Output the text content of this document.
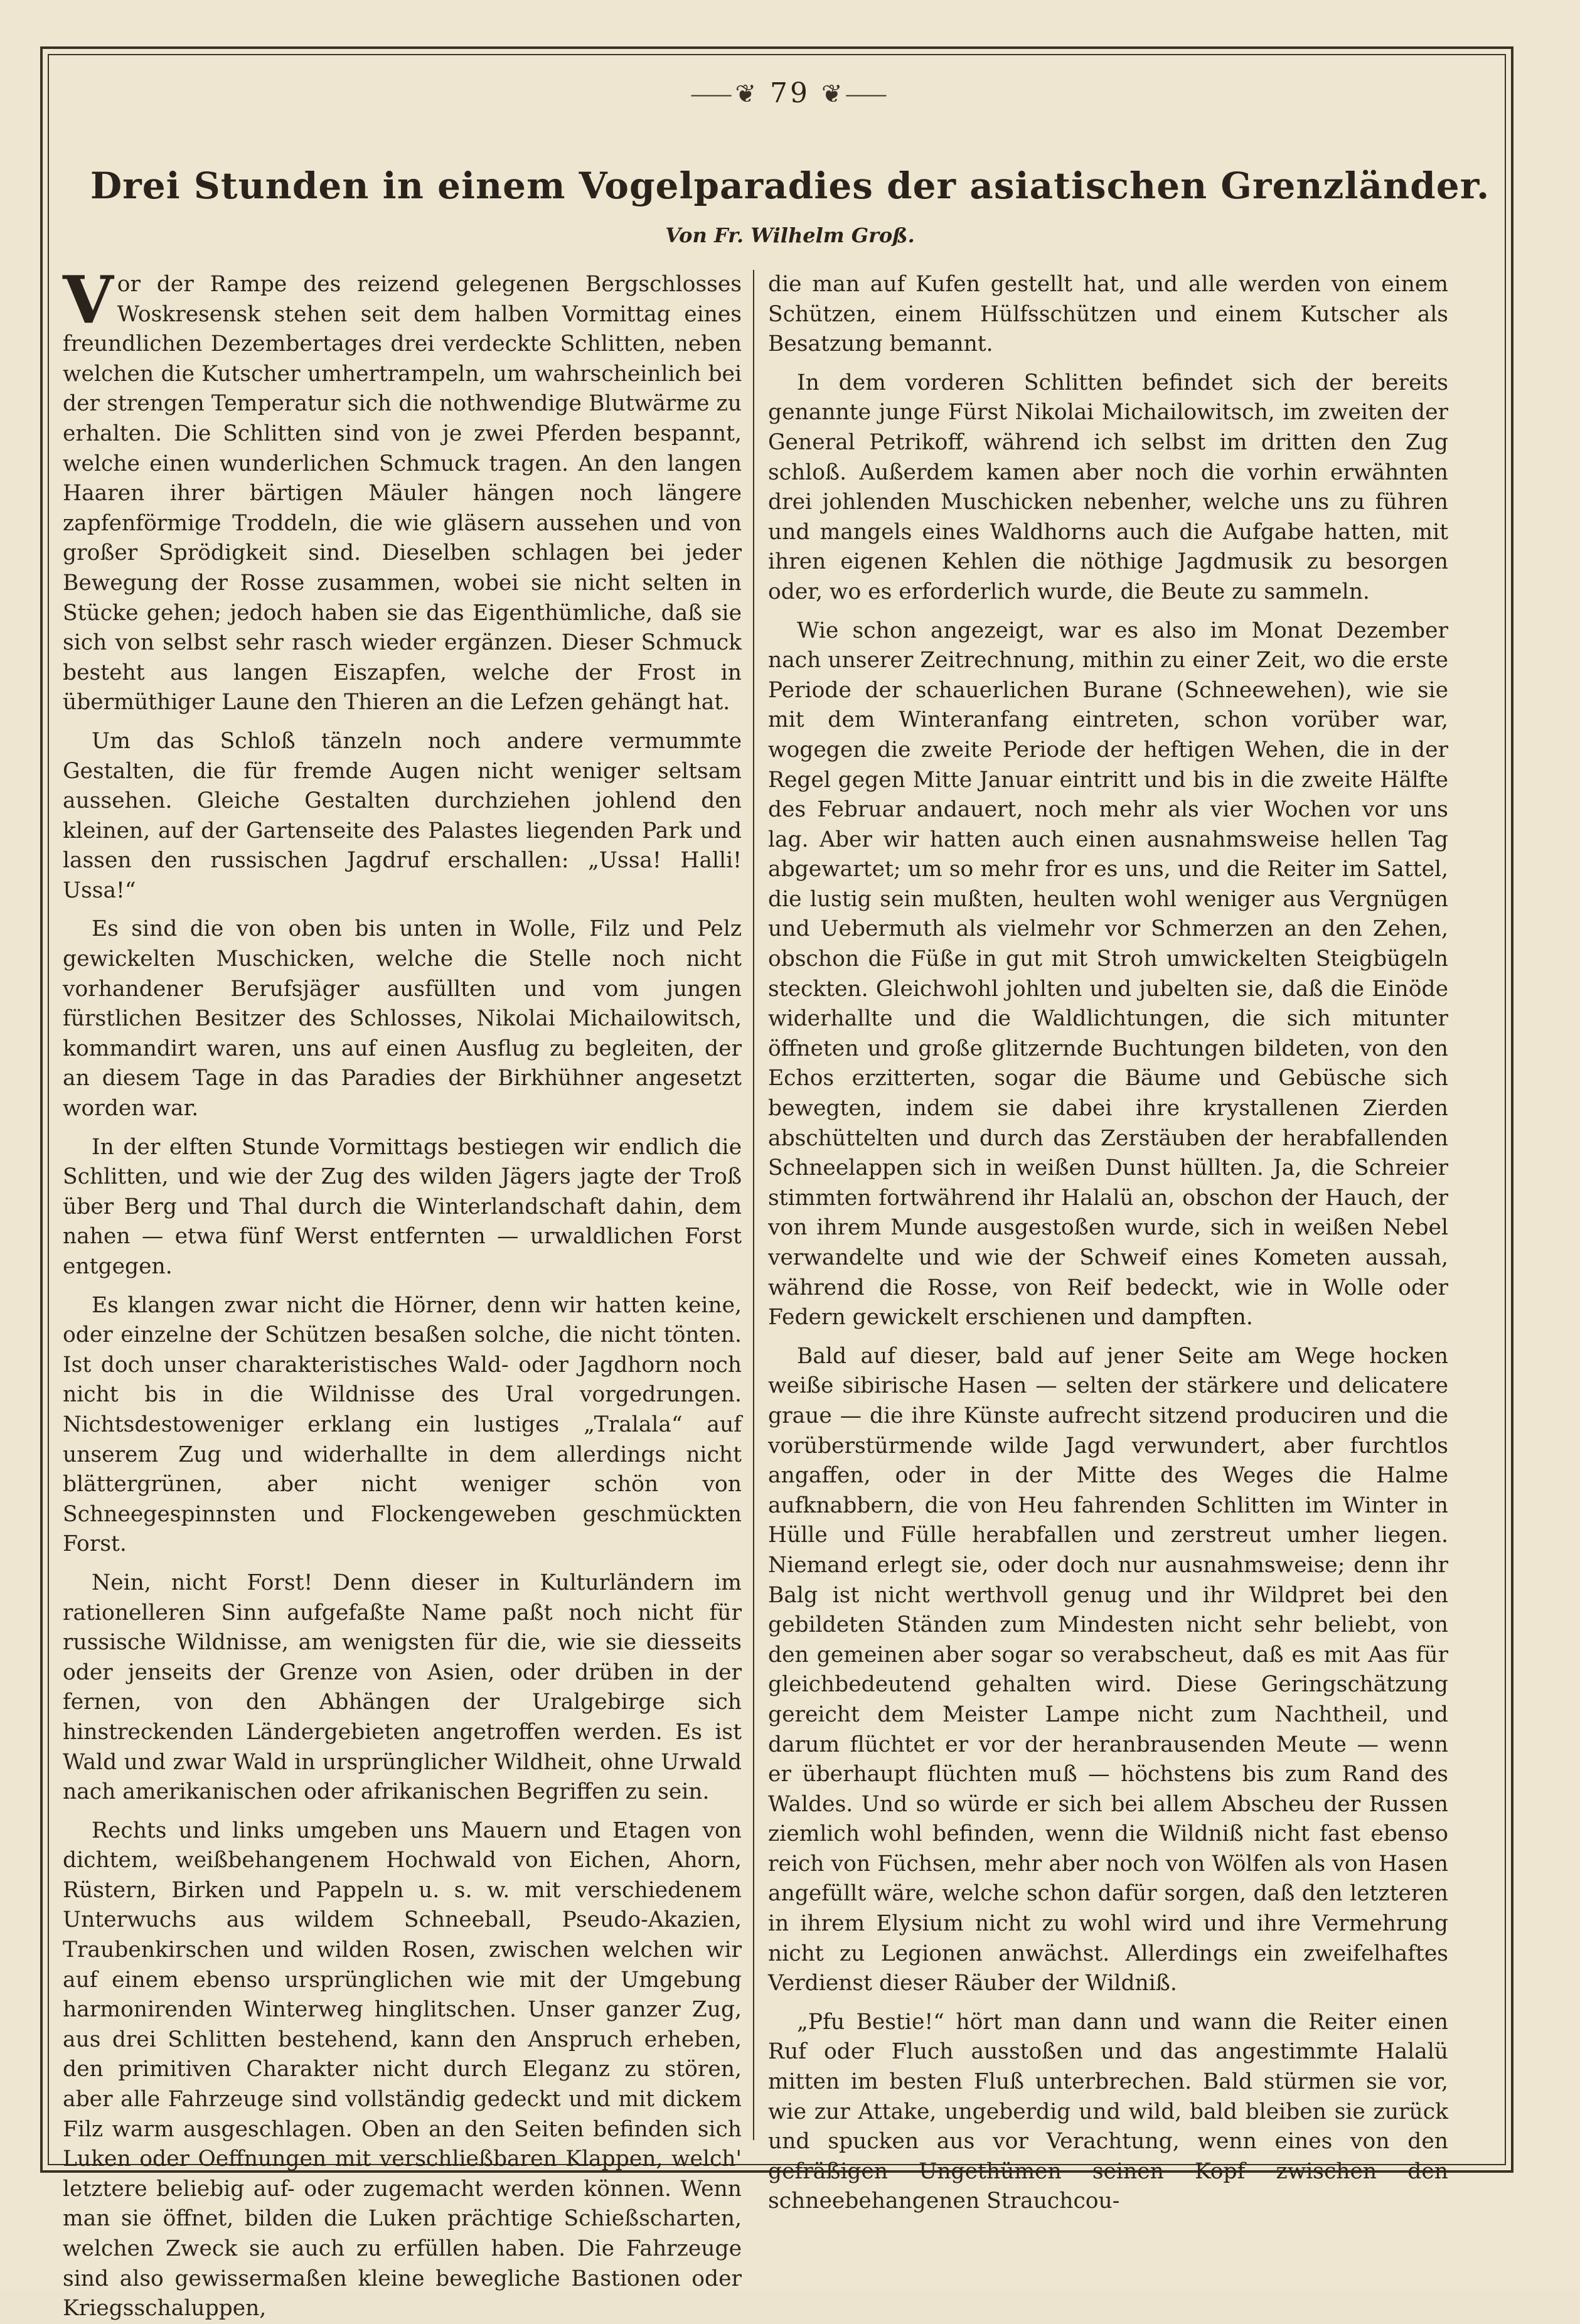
⸺❦ 79 ❦⸺
Drei Stunden in einem Vogelparadies der asiatischen Grenzländer.
Von Fr. Wilhelm Groß.

Vor der Rampe des reizend gelegenen Bergschlosses Woskresensk stehen seit dem halben Vormittag eines freundlichen Dezembertages drei verdeckte Schlitten, neben welchen die Kutscher umhertrampeln, um wahrscheinlich bei der strengen Temperatur sich die nothwendige Blutwärme zu erhalten. Die Schlitten sind von je zwei Pferden bespannt, welche einen wunderlichen Schmuck tragen. An den langen Haaren ihrer bärtigen Mäuler hängen noch längere zapfenförmige Troddeln, die wie gläsern aussehen und von großer Sprödigkeit sind. Dieselben schlagen bei jeder Bewegung der Rosse zusammen, wobei sie nicht selten in Stücke gehen; jedoch haben sie das Eigenthümliche, daß sie sich von selbst sehr rasch wieder ergänzen. Dieser Schmuck besteht aus langen Eiszapfen, welche der Frost in übermüthiger Laune den Thieren an die Lefzen gehängt hat.

Um das Schloß tänzeln noch andere vermummte Gestalten, die für fremde Augen nicht weniger seltsam aussehen. Gleiche Gestalten durchziehen johlend den kleinen, auf der Gartenseite des Palastes liegenden Park und lassen den russischen Jagdruf erschallen: „Ussa! Halli! Ussa!“

Es sind die von oben bis unten in Wolle, Filz und Pelz gewickelten Muschicken, welche die Stelle noch nicht vorhandener Berufsjäger ausfüllten und vom jungen fürstlichen Besitzer des Schlosses, Nikolai Michailowitsch, kommandirt waren, uns auf einen Ausflug zu begleiten, der an diesem Tage in das Paradies der Birkhühner angesetzt worden war.

In der elften Stunde Vormittags bestiegen wir endlich die Schlitten, und wie der Zug des wilden Jägers jagte der Troß über Berg und Thal durch die Winterlandschaft dahin, dem nahen — etwa fünf Werst entfernten — urwaldlichen Forst entgegen.

Es klangen zwar nicht die Hörner, denn wir hatten keine, oder einzelne der Schützen besaßen solche, die nicht tönten. Ist doch unser charakteristisches Wald- oder Jagdhorn noch nicht bis in die Wildnisse des Ural vorgedrungen. Nichtsdestoweniger erklang ein lustiges „Tralala“ auf unserem Zug und widerhallte in dem allerdings nicht blättergrünen, aber nicht weniger schön von Schneegespinnsten und Flockengeweben geschmückten Forst.

Nein, nicht Forst! Denn dieser in Kulturländern im rationelleren Sinn aufgefaßte Name paßt noch nicht für russische Wildnisse, am wenigsten für die, wie sie diesseits oder jenseits der Grenze von Asien, oder drüben in der fernen, von den Abhängen der Uralgebirge sich hinstreckenden Ländergebieten angetroffen werden. Es ist Wald und zwar Wald in ursprünglicher Wildheit, ohne Urwald nach amerikanischen oder afrikanischen Begriffen zu sein.

Rechts und links umgeben uns Mauern und Etagen von dichtem, weißbehangenem Hochwald von Eichen, Ahorn, Rüstern, Birken und Pappeln u. s. w. mit verschiedenem Unterwuchs aus wildem Schneeball, Pseudo-Akazien, Traubenkirschen und wilden Rosen, zwischen welchen wir auf einem ebenso ursprünglichen wie mit der Umgebung harmonirenden Winterweg hinglitschen. Unser ganzer Zug, aus drei Schlitten bestehend, kann den Anspruch erheben, den primitiven Charakter nicht durch Eleganz zu stören, aber alle Fahrzeuge sind vollständig gedeckt und mit dickem Filz warm ausgeschlagen. Oben an den Seiten befinden sich Luken oder Oeffnungen mit verschließbaren Klappen, welch' letztere beliebig auf- oder zugemacht werden können. Wenn man sie öffnet, bilden die Luken prächtige Schießscharten, welchen Zweck sie auch zu erfüllen haben. Die Fahrzeuge sind also gewissermaßen kleine bewegliche Bastionen oder Kriegsschaluppen,

die man auf Kufen gestellt hat, und alle werden von einem Schützen, einem Hülfsschützen und einem Kutscher als Besatzung bemannt.

In dem vorderen Schlitten befindet sich der bereits genannte junge Fürst Nikolai Michailowitsch, im zweiten der General Petrikoff, während ich selbst im dritten den Zug schloß. Außerdem kamen aber noch die vorhin erwähnten drei johlenden Muschicken nebenher, welche uns zu führen und mangels eines Waldhorns auch die Aufgabe hatten, mit ihren eigenen Kehlen die nöthige Jagdmusik zu besorgen oder, wo es erforderlich wurde, die Beute zu sammeln.

Wie schon angezeigt, war es also im Monat Dezember nach unserer Zeitrechnung, mithin zu einer Zeit, wo die erste Periode der schauerlichen Burane (Schneewehen), wie sie mit dem Winteranfang eintreten, schon vorüber war, wogegen die zweite Periode der heftigen Wehen, die in der Regel gegen Mitte Januar eintritt und bis in die zweite Hälfte des Februar andauert, noch mehr als vier Wochen vor uns lag. Aber wir hatten auch einen ausnahmsweise hellen Tag abgewartet; um so mehr fror es uns, und die Reiter im Sattel, die lustig sein mußten, heulten wohl weniger aus Vergnügen und Uebermuth als vielmehr vor Schmerzen an den Zehen, obschon die Füße in gut mit Stroh umwickelten Steigbügeln steckten. Gleichwohl johlten und jubelten sie, daß die Einöde widerhallte und die Waldlichtungen, die sich mitunter öffneten und große glitzernde Buchtungen bildeten, von den Echos erzitterten, sogar die Bäume und Gebüsche sich bewegten, indem sie dabei ihre krystallenen Zierden abschüttelten und durch das Zerstäuben der herabfallenden Schneelappen sich in weißen Dunst hüllten. Ja, die Schreier stimmten fortwährend ihr Halalü an, obschon der Hauch, der von ihrem Munde ausgestoßen wurde, sich in weißen Nebel verwandelte und wie der Schweif eines Kometen aussah, während die Rosse, von Reif bedeckt, wie in Wolle oder Federn gewickelt erschienen und dampften.

Bald auf dieser, bald auf jener Seite am Wege hocken weiße sibirische Hasen — selten der stärkere und delicatere graue — die ihre Künste aufrecht sitzend produciren und die vorüberstürmende wilde Jagd verwundert, aber furchtlos angaffen, oder in der Mitte des Weges die Halme aufknabbern, die von Heu fahrenden Schlitten im Winter in Hülle und Fülle herabfallen und zerstreut umher liegen. Niemand erlegt sie, oder doch nur ausnahmsweise; denn ihr Balg ist nicht werthvoll genug und ihr Wildpret bei den gebildeten Ständen zum Mindesten nicht sehr beliebt, von den gemeinen aber sogar so verabscheut, daß es mit Aas für gleichbedeutend gehalten wird. Diese Geringschätzung gereicht dem Meister Lampe nicht zum Nachtheil, und darum flüchtet er vor der heranbrausenden Meute — wenn er überhaupt flüchten muß — höchstens bis zum Rand des Waldes. Und so würde er sich bei allem Abscheu der Russen ziemlich wohl befinden, wenn die Wildniß nicht fast ebenso reich von Füchsen, mehr aber noch von Wölfen als von Hasen angefüllt wäre, welche schon dafür sorgen, daß den letzteren in ihrem Elysium nicht zu wohl wird und ihre Vermehrung nicht zu Legionen anwächst. Allerdings ein zweifelhaftes Verdienst dieser Räuber der Wildniß.

„Pfu Bestie!“ hört man dann und wann die Reiter einen Ruf oder Fluch ausstoßen und das angestimmte Halalü mitten im besten Fluß unterbrechen. Bald stürmen sie vor, wie zur Attake, ungeberdig und wild, bald bleiben sie zurück und spucken aus vor Verachtung, wenn eines von den gefräßigen Ungethümen seinen Kopf zwischen den schneebehangenen Strauchcou-
